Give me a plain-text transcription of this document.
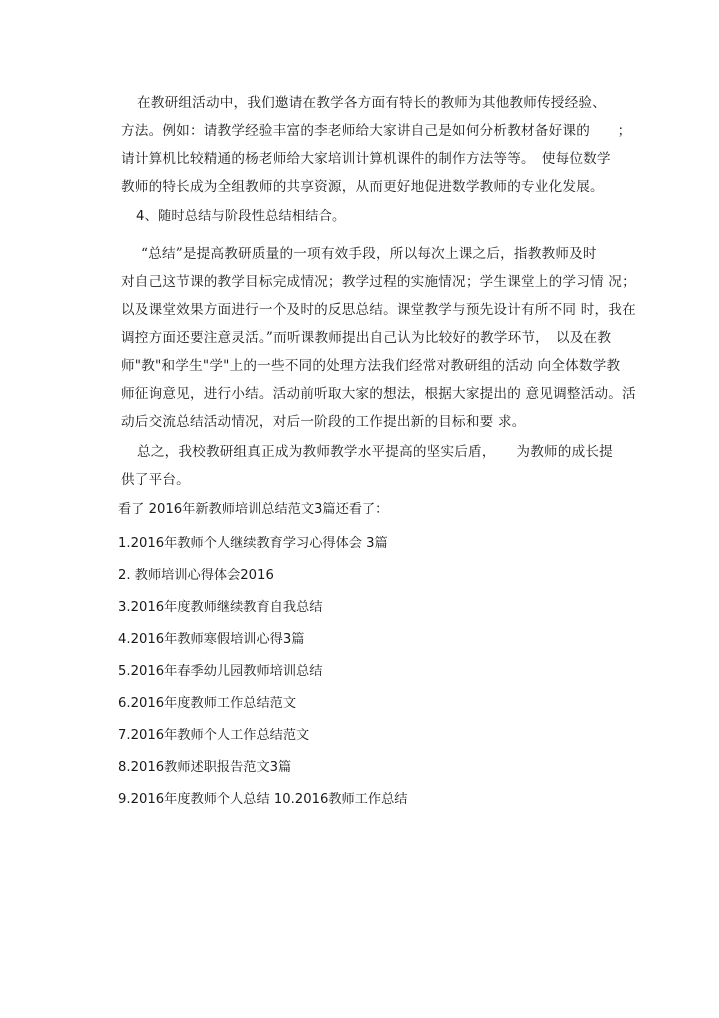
在教研组活动中，我们邀请在教学各方面有特长的教师为其他教师传授经验、
方法。例如：请教学经验丰富的李老师给大家讲自己是如何分析教材备好课的　　；
请计算机比较精通的杨老师给大家培训计算机课件的制作方法等等。　使每位数学
教师的特长成为全组教师的共享资源，从而更好地促进数学教师的专业化发展。
4、随时总结与阶段性总结相结合。
“总结”是提高教研质量的一项有效手段，所以每次上课之后，指教教师及时
对自己这节课的教学目标完成情况；教学过程的实施情况；学生课堂上的学习情 况；
以及课堂效果方面进行一个及时的反思总结。课堂教学与预先设计有所不同 时，我在
调控方面还要注意灵活。”而听课教师提出自己认为比较好的教学环节，　以及在教
师"教"和学生"学"上的一些不同的处理方法我们经常对教研组的活动 向全体数学教
师征询意见，进行小结。活动前听取大家的想法，根据大家提出的 意见调整活动。活
动后交流总结活动情况，对后一阶段的工作提出新的目标和要 求。
总之，我校教研组真正成为教师教学水平提高的坚实后盾，　　为教师的成长提
供了平台。
看了 2016年新教师培训总结范文3篇还看了：
1.2016年教师个人继续教育学习心得体会 3篇
2. 教师培训心得体会2016
3.2016年度教师继续教育自我总结
4.2016年教师寒假培训心得3篇
5.2016年春季幼儿园教师培训总结
6.2016年度教师工作总结范文
7.2016年教师个人工作总结范文
8.2016教师述职报告范文3篇
9.2016年度教师个人总结 10.2016教师工作总结
